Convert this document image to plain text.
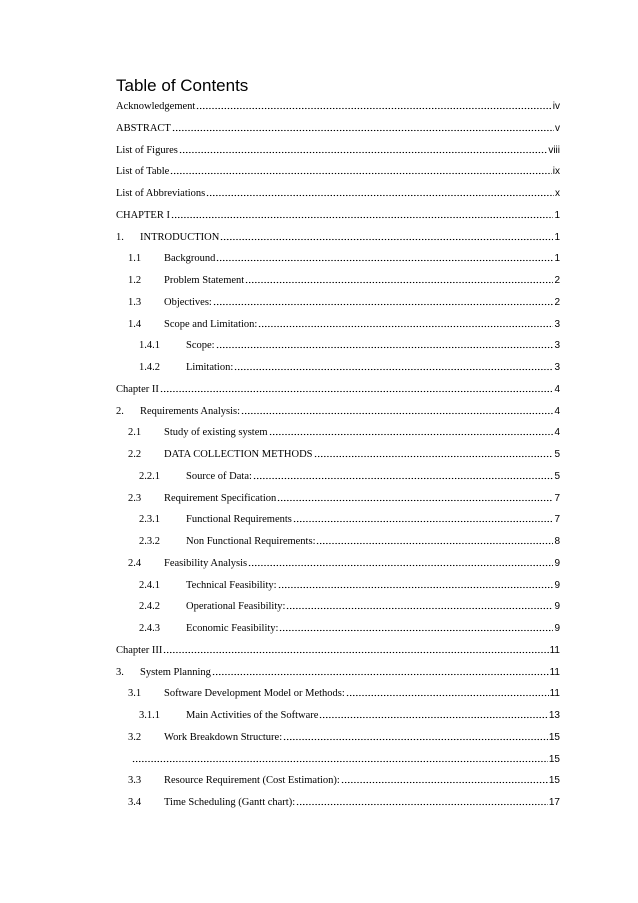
Table of Contents
Acknowledgement	iv
ABSTRACT	v
List of Figures	viii
List of Table	ix
List of Abbreviations	x
CHAPTER I	1
1.	INTRODUCTION	1
1.1	Background	1
1.2	Problem Statement	2
1.3	Objectives:	2
1.4	Scope and Limitation:	3
1.4.1	Scope:	3
1.4.2	Limitation:	3
Chapter II	4
2.	Requirements Analysis:	4
2.1	Study of existing system	4
2.2	DATA COLLECTION METHODS	5
2.2.1	Source of Data:	5
2.3	Requirement Specification	7
2.3.1	Functional Requirements	7
2.3.2	Non Functional Requirements:	8
2.4	Feasibility Analysis	9
2.4.1	Technical Feasibility:	9
2.4.2	Operational Feasibility:	9
2.4.3	Economic Feasibility:	9
Chapter III	11
3.	System Planning	11
3.1	Software Development Model or Methods:	11
3.1.1	Main Activities of the Software	13
3.2	Work Breakdown Structure:	15
15
3.3	Resource Requirement (Cost Estimation):	15
3.4	Time Scheduling (Gantt chart):	17
